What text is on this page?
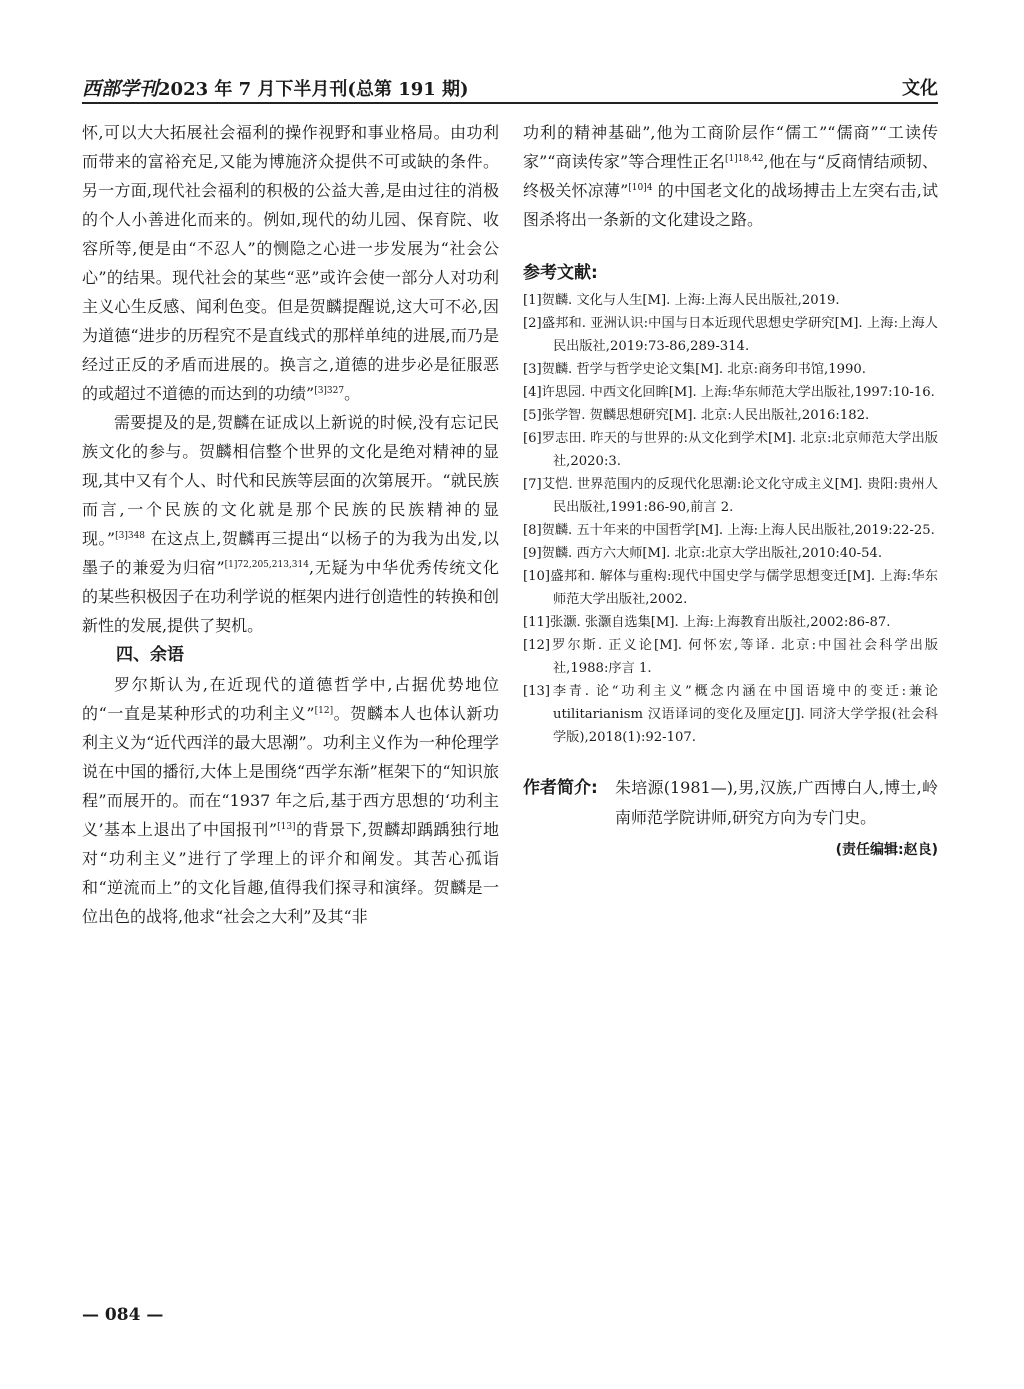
西部学刊2023 年 7 月下半月刊(总第 191 期)	文化

怀,可以大大拓展社会福利的操作视野和事业格局。由功利而带来的富裕充足,又能为博施济众提供不可或缺的条件。另一方面,现代社会福利的积极的公益大善,是由过往的消极的个人小善进化而来的。例如,现代的幼儿园、保育院、收容所等,便是由“不忍人”的恻隐之心进一步发展为“社会公心”的结果。现代社会的某些“恶”或许会使一部分人对功利主义心生反感、闻利色变。但是贺麟提醒说,这大可不必,因为道德“进步的历程究不是直线式的那样单纯的进展,而乃是经过正反的矛盾而进展的。换言之,道德的进步必是征服恶的或超过不道德的而达到的功绩”$^{[3]327}$。

需要提及的是,贺麟在证成以上新说的时候,没有忘记民族文化的参与。贺麟相信整个世界的文化是绝对精神的显现,其中又有个人、时代和民族等层面的次第展开。“就民族而言,一个民族的文化就是那个民族的民族精神的显现。”$^{[3]348}$ 在这点上,贺麟再三提出“以杨子的为我为出发,以墨子的兼爱为归宿”$^{[1]72,205,213,314}$,无疑为中华优秀传统文化的某些积极因子在功利学说的框架内进行创造性的转换和创新性的发展,提供了契机。

四、余语

罗尔斯认为,在近现代的道德哲学中,占据优势地位的“一直是某种形式的功利主义”[12]。贺麟本人也体认新功利主义为“近代西洋的最大思潮”。功利主义作为一种伦理学说在中国的播衍,大体上是围绕“西学东渐”框架下的“知识旅程”而展开的。而在“1937 年之后,基于西方思想的‘功利主义’基本上退出了中国报刊”[13]的背景下,贺麟却踽踽独行地对“功利主义”进行了学理上的评介和阐发。其苦心孤诣和“逆流而上”的文化旨趣,值得我们探寻和演绎。贺麟是一位出色的战将,他求“社会之大利”及其“非

功利的精神基础”,他为工商阶层作“儒工”“儒商”“工读传家”“商读传家”等合理性正名$^{[1]18,42}$,他在与“反商情结顽韧、终极关怀凉薄”$^{[10]4}$ 的中国老文化的战场搏击上左突右击,试图杀将出一条新的文化建设之路。

参考文献:

[1]贺麟. 文化与人生[M]. 上海:上海人民出版社,2019.

[2]盛邦和. 亚洲认识:中国与日本近现代思想史学研究[M]. 上海:上海人民出版社,2019:73-86,289-314.

[3]贺麟. 哲学与哲学史论文集[M]. 北京:商务印书馆,1990.

[4]许思园. 中西文化回眸[M]. 上海:华东师范大学出版社,1997:10-16.

[5]张学智. 贺麟思想研究[M]. 北京:人民出版社,2016:182.

[6]罗志田. 昨天的与世界的:从文化到学术[M]. 北京:北京师范大学出版社,2020:3.

[7]艾恺. 世界范围内的反现代化思潮:论文化守成主义[M]. 贵阳:贵州人民出版社,1991:86-90,前言 2.

[8]贺麟. 五十年来的中国哲学[M]. 上海:上海人民出版社,2019:22-25.

[9]贺麟. 西方六大师[M]. 北京:北京大学出版社,2010:40-54.

[10]盛邦和. 解体与重构:现代中国史学与儒学思想变迁[M]. 上海:华东师范大学出版社,2002.

[11]张灏. 张灏自选集[M]. 上海:上海教育出版社,2002:86-87.

[12]罗尔斯. 正义论[M]. 何怀宏,等译. 北京:中国社会科学出版社,1988:序言 1.

[13]李青. 论“功利主义”概念内涵在中国语境中的变迁:兼论 utilitarianism 汉语译词的变化及厘定[J]. 同济大学学报(社会科学版),2018(1):92-107.

作者简介: 朱培源(1981—),男,汉族,广西博白人,博士,岭南师范学院讲师,研究方向为专门史。
(责任编辑:赵良)
— 084 —
